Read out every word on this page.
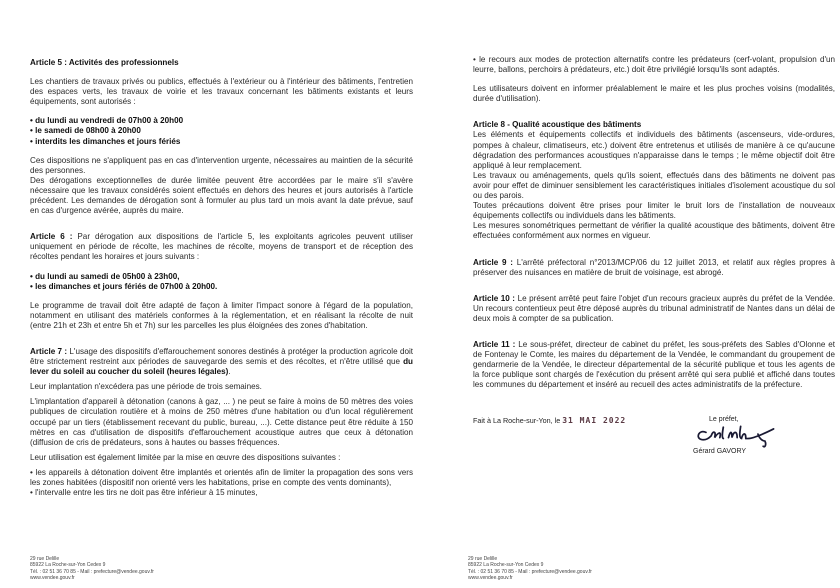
Article 5 : Activités des professionnels

Les chantiers de travaux privés ou publics, effectués à l'extérieur ou à l'intérieur des bâtiments, l'entretien des espaces verts, les travaux de voirie et les travaux concernant les bâtiments existants et leurs équipements, sont autorisés :

• du lundi au vendredi de 07h00 à 20h00

• le samedi de 08h00 à 20h00

• interdits les dimanches et jours fériés

Ces dispositions ne s'appliquent pas en cas d'intervention urgente, nécessaires au maintien de la sécurité des personnes.

Des dérogations exceptionnelles de durée limitée peuvent être accordées par le maire s'il s'avère nécessaire que les travaux considérés soient effectués en dehors des heures et jours autorisés à l'article précédent. Les demandes de dérogation sont à formuler au plus tard un mois avant la date prévue, sauf en cas d'urgence avérée, auprès du maire.

Article 6 : Par dérogation aux dispositions de l'article 5, les exploitants agricoles peuvent utiliser uniquement en période de récolte, les machines de récolte, moyens de transport et de réception des récoltes pendant les horaires et jours suivants :

• du lundi au samedi de 05h00 à 23h00,

• les dimanches et jours fériés de 07h00 à 20h00.

Le programme de travail doit être adapté de façon à limiter l'impact sonore à l'égard de la population, notamment en utilisant des matériels conformes à la réglementation, et en réalisant la récolte de nuit (entre 21h et 23h et entre 5h et 7h) sur les parcelles les plus éloignées des zones d'habitation.

Article 7 : L'usage des dispositifs d'effarouchement sonores destinés à protéger la production agricole doit être strictement restreint aux périodes de sauvegarde des semis et des récoltes, et n'être utilisé que du lever du soleil au coucher du soleil (heures légales).

Leur implantation n'excédera pas une période de trois semaines.

L'implantation d'appareil à détonation (canons à gaz, ... ) ne peut se faire à moins de 50 mètres des voies publiques de circulation routière et à moins de 250 mètres d'une habitation ou d'un local régulièrement occupé par un tiers (établissement recevant du public, bureau, ...). Cette distance peut être réduite à 150 mètres en cas d'utilisation de dispositifs d'effarouchement acoustique autres que ceux à détonation (diffusion de cris de prédateurs, sons à hautes ou basses fréquences.

Leur utilisation est également limitée par la mise en œuvre des dispositions suivantes :

• les appareils à détonation doivent être implantés et orientés afin de limiter la propagation des sons vers les zones habitées (dispositif non orienté vers les habitations, prise en compte des vents dominants),

• l'intervalle entre les tirs ne doit pas être inférieur à 15 minutes,

29 rue Delille
85922 La Roche-sur-Yon Cedex 9
Tél. : 02 51 36 70 85 - Mail : prefecture@vendee.gouv.fr
www.vendee.gouv.fr

• le recours aux modes de protection alternatifs contre les prédateurs (cerf-volant, propulsion d'un leurre, ballons, perchoirs à prédateurs, etc.) doit être privilégié lorsqu'ils sont adaptés.

Les utilisateurs doivent en informer préalablement le maire et les plus proches voisins (modalités, durée d'utilisation).

Article 8 - Qualité acoustique des bâtiments

Les éléments et équipements collectifs et individuels des bâtiments (ascenseurs, vide-ordures, pompes à chaleur, climatiseurs, etc.) doivent être entretenus et utilisés de manière à ce qu'aucune dégradation des performances acoustiques n'apparaisse dans le temps ; le même objectif doit être appliqué à leur remplacement.

Les travaux ou aménagements, quels qu'ils soient, effectués dans des bâtiments ne doivent pas avoir pour effet de diminuer sensiblement les caractéristiques initiales d'isolement acoustique du sol ou des parois.

Toutes précautions doivent être prises pour limiter le bruit lors de l'installation de nouveaux équipements collectifs ou individuels dans les bâtiments.

Les mesures sonométriques permettant de vérifier la qualité acoustique des bâtiments, doivent être effectuées conformément aux normes en vigueur.

Article 9 : L'arrêté préfectoral n°2013/MCP/06 du 12 juillet 2013, et relatif aux règles propres à préserver des nuisances en matière de bruit de voisinage, est abrogé.

Article 10 : Le présent arrêté peut faire l'objet d'un recours gracieux auprès du préfet de la Vendée. Un recours contentieux peut être déposé auprès du tribunal administratif de Nantes dans un délai de deux mois à compter de sa publication.

Article 11 : Le sous-préfet, directeur de cabinet du préfet, les sous-préfets des Sables d'Olonne et de Fontenay le Comte, les maires du département de la Vendée, le commandant du groupement de gendarmerie de la Vendée, le directeur départemental de la sécurité publique et tous les agents de la force publique sont chargés de l'exécution du présent arrêté qui sera publié et affiché dans toutes les communes du département et inséré au recueil des actes administratifs de la préfecture.

Fait à La Roche-sur-Yon, le 31 MAI 2022	Le préfet,
Gérard GAVORY
29 rue Delille
85922 La Roche-sur-Yon Cedex 9
Tél. : 02 51 36 70 85 - Mail : prefecture@vendee.gouv.fr
www.vendee.gouv.fr
